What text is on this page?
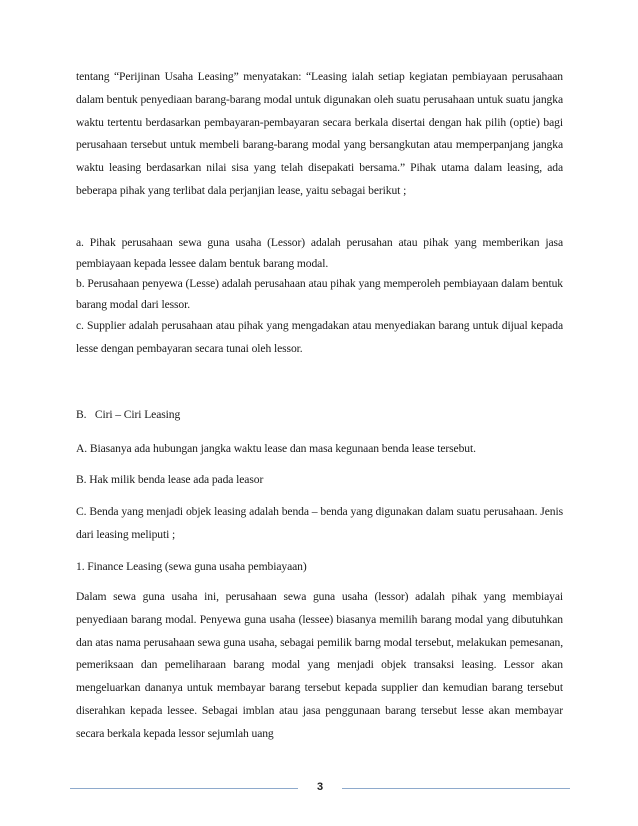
tentang “Perijinan Usaha Leasing” menyatakan: “Leasing ialah setiap kegiatan pembiayaan perusahaan dalam bentuk penyediaan barang-barang modal untuk digunakan oleh suatu perusahaan untuk suatu jangka waktu tertentu berdasarkan pembayaran-pembayaran secara berkala disertai dengan hak pilih (optie) bagi perusahaan tersebut untuk membeli barang-barang modal yang bersangkutan atau memperpanjang jangka waktu leasing berdasarkan nilai sisa yang telah disepakati bersama.” Pihak utama dalam leasing, ada beberapa pihak yang terlibat dala perjanjian lease, yaitu sebagai berikut ;

a. Pihak perusahaan sewa guna usaha (Lessor) adalah perusahan atau pihak yang memberikan jasa pembiayaan kepada lessee dalam bentuk barang modal.

b. Perusahaan penyewa (Lesse) adalah perusahaan atau pihak yang memperoleh pembiayaan dalam bentuk barang modal dari lessor.

c. Supplier adalah perusahaan atau pihak yang mengadakan atau menyediakan barang untuk dijual kepada lesse dengan pembayaran secara tunai oleh lessor.

B.   Ciri – Ciri Leasing

A. Biasanya ada hubungan jangka waktu lease dan masa kegunaan benda lease tersebut.

B. Hak milik benda lease ada pada leasor

C. Benda yang menjadi objek leasing adalah benda – benda yang digunakan dalam suatu perusahaan. Jenis dari leasing meliputi ;

1. Finance Leasing (sewa guna usaha pembiayaan)

Dalam sewa guna usaha ini, perusahaan sewa guna usaha (lessor) adalah pihak yang membiayai penyediaan barang modal. Penyewa guna usaha (lessee) biasanya memilih barang modal yang dibutuhkan dan atas nama perusahaan sewa guna usaha, sebagai pemilik barng modal tersebut, melakukan pemesanan, pemeriksaan dan pemeliharaan barang modal yang menjadi objek transaksi leasing. Lessor akan mengeluarkan dananya untuk membayar barang tersebut kepada supplier dan kemudian barang tersebut diserahkan kepada lessee. Sebagai imblan atau jasa penggunaan barang tersebut lesse akan membayar secara berkala kepada lessor sejumlah uang

3
